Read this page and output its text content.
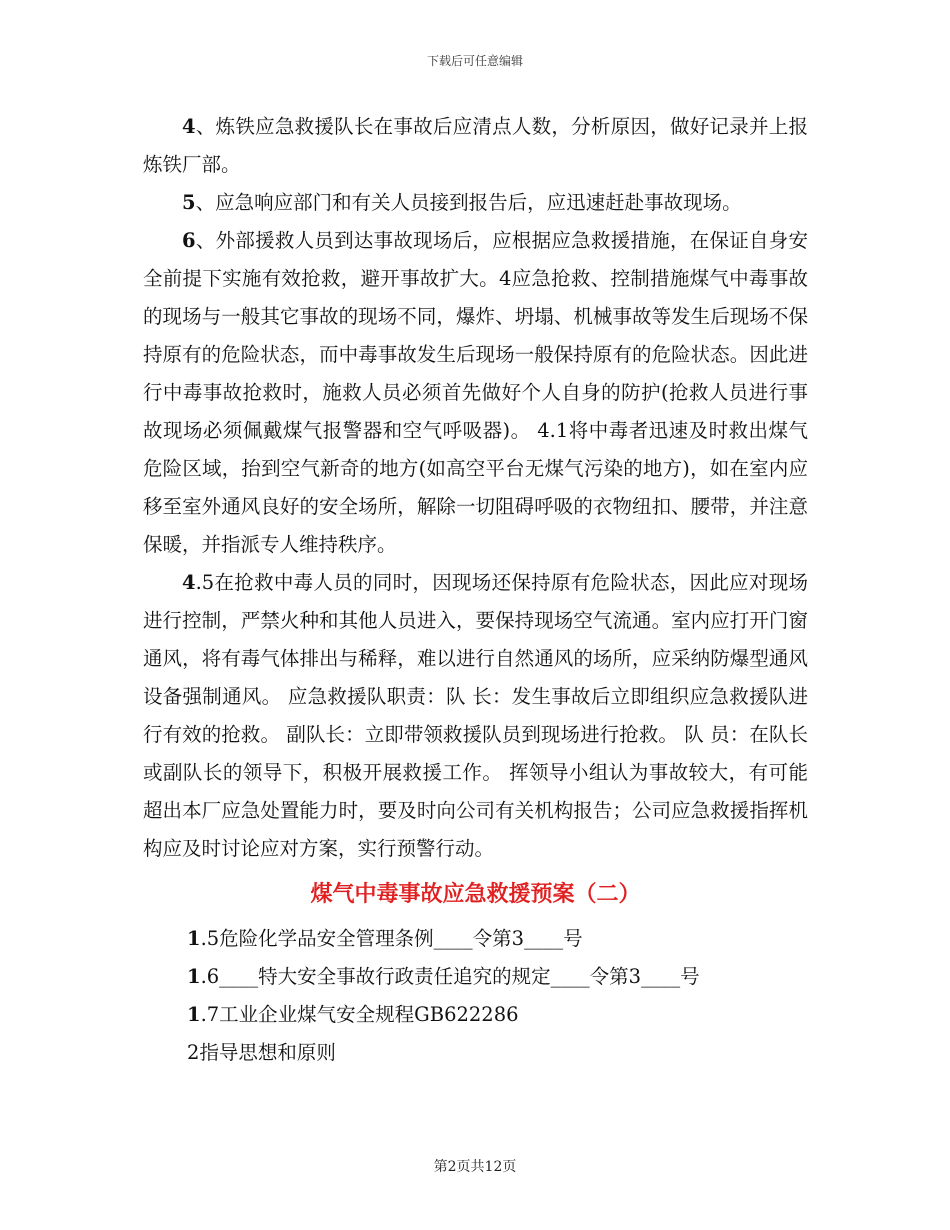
下载后可任意编辑

4、炼铁应急救援队长在事故后应清点人数，分析原因，做好记录并上报炼铁厂部。

5、应急响应部门和有关人员接到报告后，应迅速赶赴事故现场。

6、外部援救人员到达事故现场后，应根据应急救援措施，在保证自身安全前提下实施有效抢救，避开事故扩大。4应急抢救、控制措施煤气中毒事故的现场与一般其它事故的现场不同，爆炸、坍塌、机械事故等发生后现场不保持原有的危险状态，而中毒事故发生后现场一般保持原有的危险状态。因此进行中毒事故抢救时，施救人员必须首先做好个人自身的防护(抢救人员进行事故现场必须佩戴煤气报警器和空气呼吸器)。 4.1将中毒者迅速及时救出煤气危险区域，抬到空气新奇的地方(如高空平台无煤气污染的地方)，如在室内应移至室外通风良好的安全场所，解除一切阻碍呼吸的衣物纽扣、腰带，并注意保暖，并指派专人维持秩序。

4.5在抢救中毒人员的同时，因现场还保持原有危险状态，因此应对现场进行控制，严禁火种和其他人员进入，要保持现场空气流通。室内应打开门窗通风，将有毒气体排出与稀释，难以进行自然通风的场所，应采纳防爆型通风设备强制通风。 应急救援队职责：队 长：发生事故后立即组织应急救援队进行有效的抢救。 副队长：立即带领救援队员到现场进行抢救。 队 员：在队长或副队长的领导下，积极开展救援工作。 挥领导小组认为事故较大，有可能超出本厂应急处置能力时，要及时向公司有关机构报告；公司应急救援指挥机构应及时讨论应对方案，实行预警行动。

煤气中毒事故应急救援预案（二）

1.5危险化学品安全管理条例____令第3____号

1.6____特大安全事故行政责任追究的规定____令第3____号

1.7工业企业煤气安全规程GB622286

2指导思想和原则

第2页共12页
